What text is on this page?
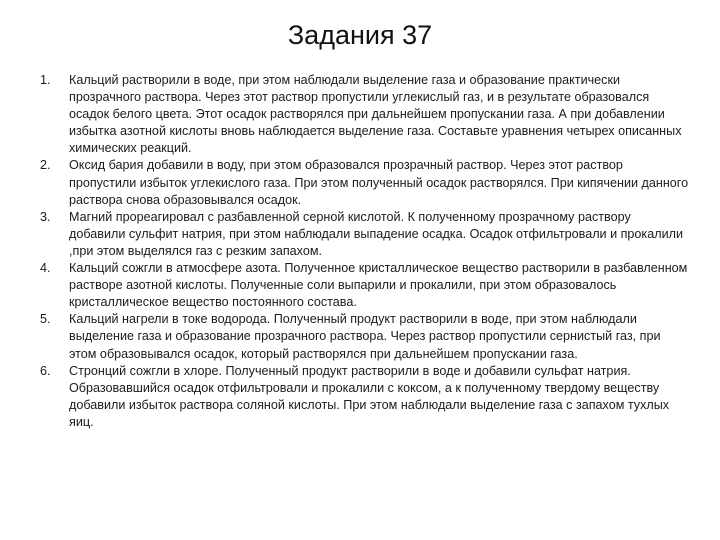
Задания 37
1.	Кальций растворили в воде, при этом наблюдали выделение газа и образование практически прозрачного раствора. Через этот раствор пропустили углекислый газ, и в результате образовался осадок белого цвета. Этот осадок растворялся при дальнейшем пропускании газа. А при добавлении избытка азотной кислоты вновь наблюдается выделение газа. Составьте уравнения четырех описанных химических реакций.
2.	Оксид бария добавили в воду, при этом образовался прозрачный раствор. Через этот раствор пропустили избыток углекислого газа. При этом полученный осадок растворялся. При кипячении данного раствора снова образовывался осадок.
3.	Магний прореагировал с разбавленной серной кислотой. К полученному прозрачному раствору добавили сульфит натрия, при этом наблюдали выпадение осадка. Осадок отфильтровали и прокалили ,при этом выделялся газ с резким запахом.
4.	Кальций сожгли в атмосфере азота. Полученное кристаллическое вещество растворили в разбавленном растворе азотной кислоты. Полученные соли выпарили и прокалили, при этом образовалось кристаллическое вещество постоянного состава.
5.	Кальций нагрели в токе водорода. Полученный продукт растворили в воде, при этом наблюдали выделение газа и образование прозрачного раствора. Через раствор пропустили сернистый газ, при этом образовывался осадок, который растворялся при дальнейшем пропускании газа.
6.	Стронций сожгли в хлоре. Полученный продукт растворили в воде и добавили сульфат натрия. Образовавшийся осадок отфильтровали и прокалили с коксом, а к полученному твердому веществу добавили избыток раствора соляной кислоты. При этом наблюдали выделение газа с запахом тухлых яиц.
